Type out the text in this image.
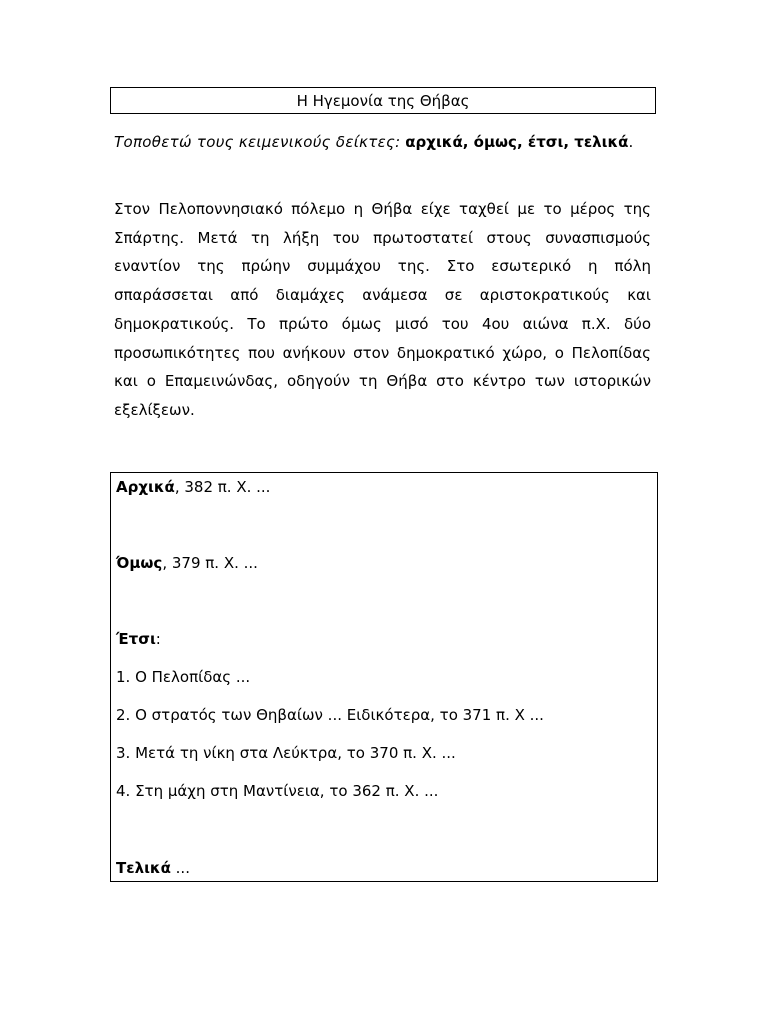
Η Ηγεμονία της Θήβας
Τοποθετώ τους κειμενικούς δείκτες: αρχικά, όμως, έτσι, τελικά.
Στον Πελοποννησιακό πόλεμο η Θήβα είχε ταχθεί με το μέρος της Σπάρτης. Μετά τη λήξη του πρωτοστατεί στους συνασπισμούς εναντίον της πρώην συμμάχου της. Στο εσωτερικό η πόλη σπαράσσεται από διαμάχες ανάμεσα σε αριστοκρατικούς και δημοκρατικούς. Το πρώτο όμως μισό του 4ου αιώνα π.Χ. δύο προσωπικότητες που ανήκουν στον δημοκρατικό χώρο, ο Πελοπίδας και ο Επαμεινώνδας, οδηγούν τη Θήβα στο κέντρο των ιστορικών εξελίξεων.
Αρχικά, 382 π. Χ. ...
Όμως, 379 π. Χ. ...
Έτσι:
1. Ο Πελοπίδας ...
2. Ο στρατός των Θηβαίων ... Ειδικότερα, το 371 π. Χ ...
3. Μετά τη νίκη στα Λεύκτρα, το 370 π. Χ. ...
4. Στη μάχη στη Μαντίνεια, το 362 π. Χ. ...
Τελικά ...
